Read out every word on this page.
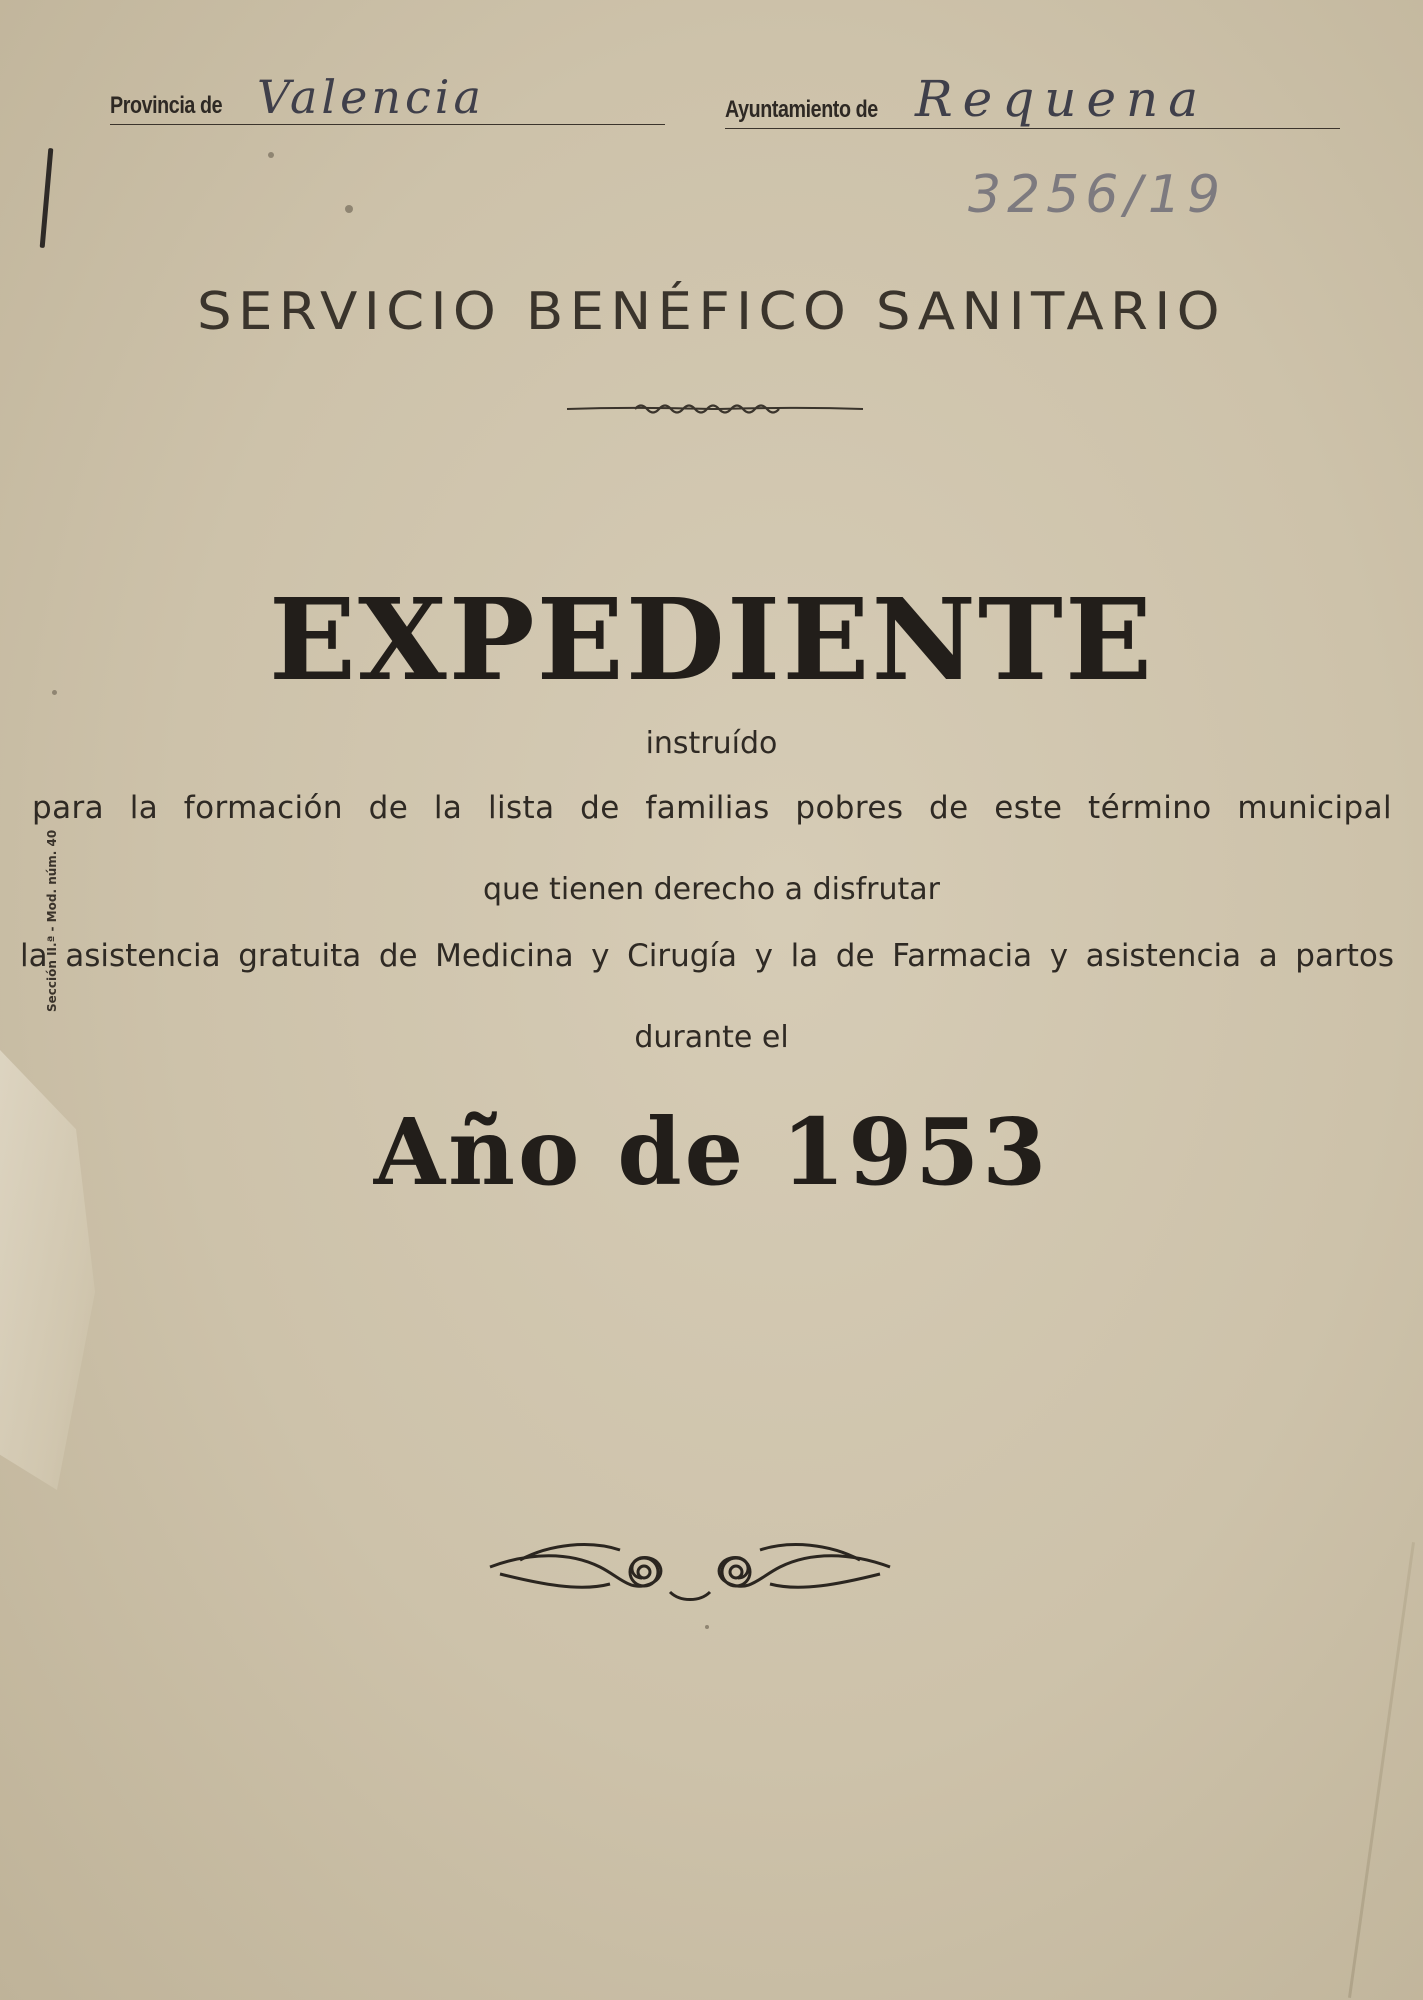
Provincia de Valencia	Ayuntamiento de Requena
3256/19
Sección II.ª - Mod. núm. 40
SERVICIO BENÉFICO SANITARIO
EXPEDIENTE
instruído
para la formación de la lista de familias pobres de este término municipal
que tienen derecho a disfrutar
la asistencia gratuita de Medicina y Cirugía y la de Farmacia y asistencia a partos
durante el
Año de 1953
